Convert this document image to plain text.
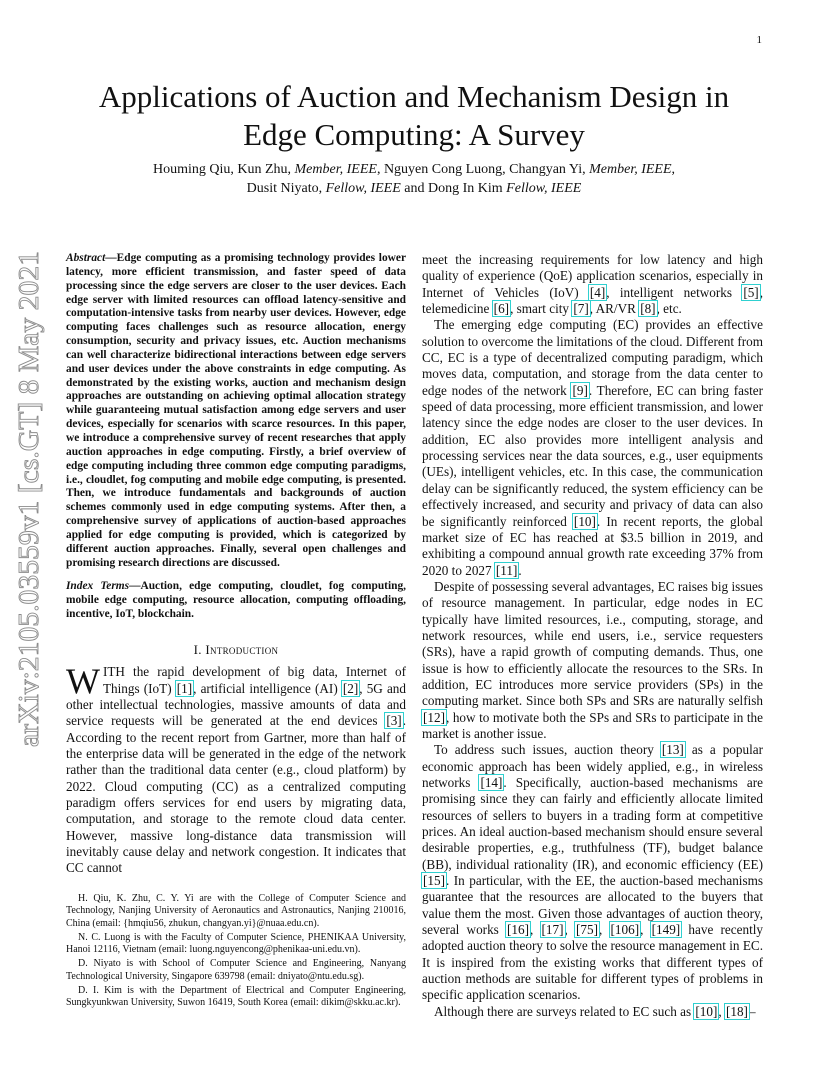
1
arXiv:2105.03559v1 [cs.GT] 8 May 2021
Applications of Auction and Mechanism Design in
Edge Computing: A Survey
Houming Qiu, Kun Zhu, Member, IEEE, Nguyen Cong Luong, Changyan Yi, Member, IEEE,
Dusit Niyato, Fellow, IEEE and Dong In Kim Fellow, IEEE

Abstract—Edge computing as a promising technology provides lower latency, more efficient transmission, and faster speed of data processing since the edge servers are closer to the user devices. Each edge server with limited resources can offload latency-sensitive and computation-intensive tasks from nearby user devices. However, edge computing faces challenges such as resource allocation, energy consumption, security and privacy issues, etc. Auction mechanisms can well characterize bidirectional interactions between edge servers and user devices under the above constraints in edge computing. As demonstrated by the existing works, auction and mechanism design approaches are outstanding on achieving optimal allocation strategy while guaranteeing mutual satisfaction among edge servers and user devices, especially for scenarios with scarce resources. In this paper, we introduce a comprehensive survey of recent researches that apply auction approaches in edge computing. Firstly, a brief overview of edge computing including three common edge computing paradigms, i.e., cloudlet, fog computing and mobile edge computing, is presented. Then, we introduce fundamentals and backgrounds of auction schemes commonly used in edge computing systems. After then, a comprehensive survey of applications of auction-based approaches applied for edge computing is provided, which is categorized by different auction approaches. Finally, several open challenges and promising research directions are discussed.

Index Terms—Auction, edge computing, cloudlet, fog computing, mobile edge computing, resource allocation, computing offloading, incentive, IoT, blockchain.

I. Introduction

WITH the rapid development of big data, Internet of Things (IoT) [1], artificial intelligence (AI) [2], 5G and other intellectual technologies, massive amounts of data and service requests will be generated at the end devices [3]. According to the recent report from Gartner, more than half of the enterprise data will be generated in the edge of the network rather than the traditional data center (e.g., cloud platform) by 2022. Cloud computing (CC) as a centralized computing paradigm offers services for end users by migrating data, computation, and storage to the remote cloud data center. However, massive long-distance data transmission will inevitably cause delay and network congestion. It indicates that CC cannot

H. Qiu, K. Zhu, C. Y. Yi are with the College of Computer Science and Technology, Nanjing University of Aeronautics and Astronautics, Nanjing 210016, China (email: {hmqiu56, zhukun, changyan.yi}@nuaa.edu.cn).

N. C. Luong is with the Faculty of Computer Science, PHENIKAA University, Hanoi 12116, Vietnam (email: luong.nguyencong@phenikaa-uni.edu.vn).

D. Niyato is with School of Computer Science and Engineering, Nanyang Technological University, Singapore 639798 (email: dniyato@ntu.edu.sg).

D. I. Kim is with the Department of Electrical and Computer Engineering, Sungkyunkwan University, Suwon 16419, South Korea (email: dikim@skku.ac.kr).

meet the increasing requirements for low latency and high quality of experience (QoE) application scenarios, especially in Internet of Vehicles (IoV) [4], intelligent networks [5], telemedicine [6], smart city [7], AR/VR [8], etc.

The emerging edge computing (EC) provides an effective solution to overcome the limitations of the cloud. Different from CC, EC is a type of decentralized computing paradigm, which moves data, computation, and storage from the data center to edge nodes of the network [9]. Therefore, EC can bring faster speed of data processing, more efficient transmission, and lower latency since the edge nodes are closer to the user devices. In addition, EC also provides more intelligent analysis and processing services near the data sources, e.g., user equipments (UEs), intelligent vehicles, etc. In this case, the communication delay can be significantly reduced, the system efficiency can be effectively increased, and security and privacy of data can also be significantly reinforced [10]. In recent reports, the global market size of EC has reached at $3.5 billion in 2019, and exhibiting a compound annual growth rate exceeding 37% from 2020 to 2027 [11].

Despite of possessing several advantages, EC raises big issues of resource management. In particular, edge nodes in EC typically have limited resources, i.e., computing, storage, and network resources, while end users, i.e., service requesters (SRs), have a rapid growth of computing demands. Thus, one issue is how to efficiently allocate the resources to the SRs. In addition, EC introduces more service providers (SPs) in the computing market. Since both SPs and SRs are naturally selfish [12], how to motivate both the SPs and SRs to participate in the market is another issue.

To address such issues, auction theory [13] as a popular economic approach has been widely applied, e.g., in wireless networks [14]. Specifically, auction-based mechanisms are promising since they can fairly and efficiently allocate limited resources of sellers to buyers in a trading form at competitive prices. An ideal auction-based mechanism should ensure several desirable properties, e.g., truthfulness (TF), budget balance (BB), individual rationality (IR), and economic efficiency (EE) [15]. In particular, with the EE, the auction-based mechanisms guarantee that the resources are allocated to the buyers that value them the most. Given those advantages of auction theory, several works [16], [17], [75], [106], [149] have recently adopted auction theory to solve the resource management in EC. It is inspired from the existing works that different types of auction methods are suitable for different types of problems in specific application scenarios.

Although there are surveys related to EC such as [10], [18]–
